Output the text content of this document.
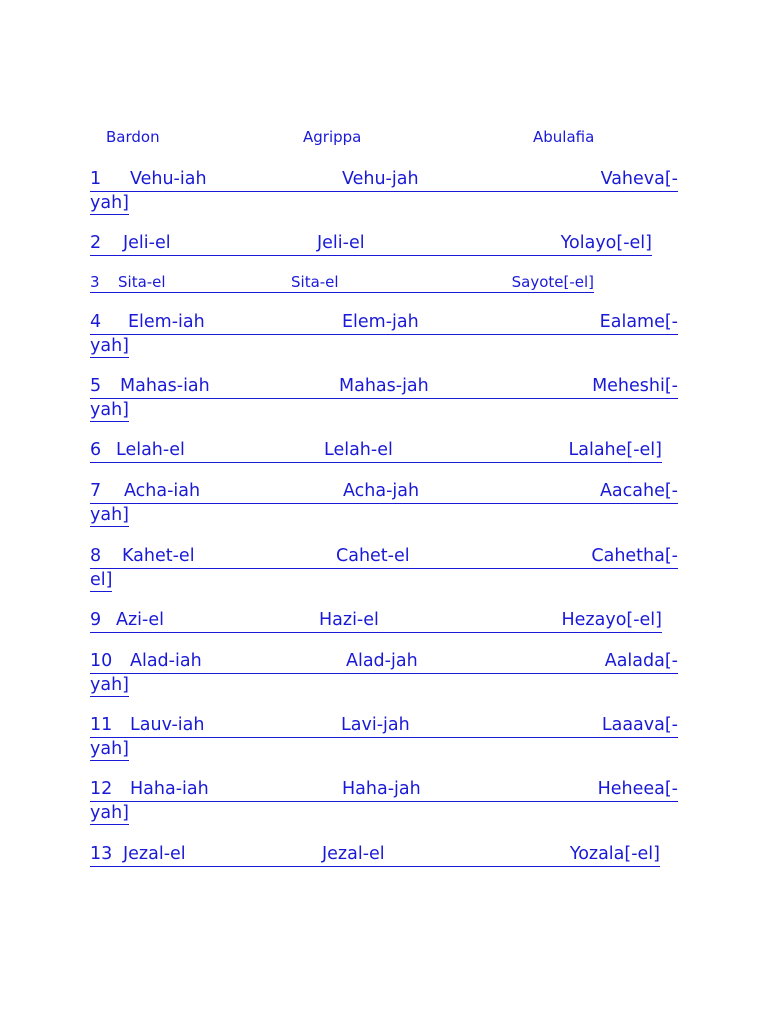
Bardon	Agrippa	Abulafia
1 Vehu-iah	Vehu-jah	Vaheva[-
yah]
2 Jeli-el	Jeli-el	Yolayo[-el]
3 Sita-el	Sita-el	Sayote[-el]
4 Elem-iah	Elem-jah	Ealame[-
yah]
5 Mahas-iah	Mahas-jah	Meheshi[-
yah]
6 Lelah-el	Lelah-el	Lalahe[-el]
7 Acha-iah	Acha-jah	Aacahe[-
yah]
8 Kahet-el	Cahet-el	Cahetha[-
el]
9 Azi-el	Hazi-el	Hezayo[-el]
10 Alad-iah	Alad-jah	Aalada[-
yah]
11 Lauv-iah	Lavi-jah	Laaava[-
yah]
12 Haha-iah	Haha-jah	Heheea[-
yah]
13 Jezal-el	Jezal-el	Yozala[-el]
